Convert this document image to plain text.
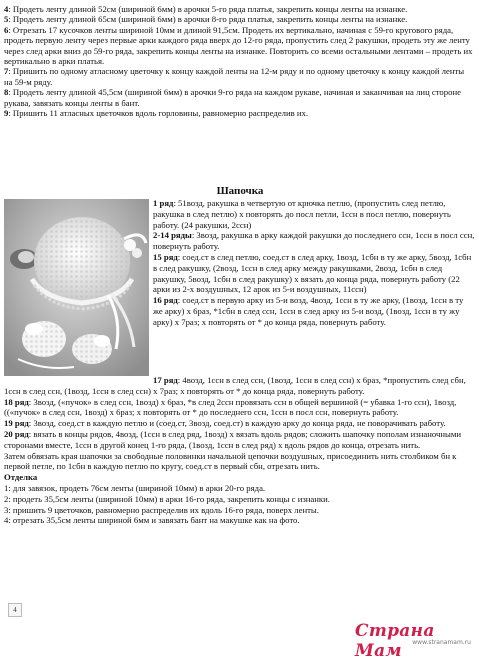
4: Продеть ленту длиной 52см (шириной 6мм) в арочки 5-го ряда платья, закрепить концы ленты на изнанке.

5: Продеть ленту длиной 65см (шириной 6мм) в арочки 8-го ряда платья, закрепить концы ленты на изнанке.

6: Отрезать 17 кусочков ленты шириной 10мм и длиной 91,5см. Продеть их вертикально, начиная с 59-го кругового ряда, продеть первую ленту через первые арки каждого ряда вверх до 12-го ряда, пропустить след 2 ракушки, продеть эту же ленту через след арки вниз до 59-го ряда, закрепить концы ленты на изнанке. Повторить со всеми остальными лентами – продеть их вертикально в арки платья.

7: Пришить по одному атласному цветочку к концу каждой ленты на 12-м ряду и по одному цветочку к концу каждой ленты на 59-м ряду.

8: Продеть ленту длиной 45,5см (шириной 6мм) в арочки 9-го ряда на каждом рукаве, начиная и заканчивая на лиц стороне рукава, завязать концы ленты в бант.

9: Пришить 11 атласных цветочков вдоль горловины, равномерно распределив их.

Шапочка

1 ряд: 51возд, ракушка в четвертую от крючка петлю, (пропустить след петлю, ракушка в след петлю) х повторять до посл петли, 1ссн в посл петлю, повернуть работу. (24 ракушки, 2ссн)

2-14 ряды: 3возд, ракушка в арку каждой ракушки до последнего ссн, 1ссн в посл ссн, повернуть работу.

15 ряд: соед.ст в след петлю, соед.ст в след арку, 1возд, 1сбн в ту же арку, 5возд, 1сбн в след ракушку, (2возд, 1ссн в след арку между ракушками, 2возд, 1сбн в след ракушку, 5возд, 1сбн в след ракушку) х вязать до конца ряда, повернуть работу (22 арки из 2-х воздушных, 12 арок из 5-и воздушных, 11ссн)

16 ряд: соед.ст в первую арку из 5-и возд, 4возд, 1ссн в ту же арку, (1возд, 1ссн в ту же арку) х 6раз, *1сбн в след ссн, 1ссн в след арку из 5-и возд, (1возд, 1ссн в ту жу арку) х 7раз; х повторять от * до конца ряда, повернуть работу.

17 ряд: 4возд, 1ссн в след ссн, (1возд, 1ссн в след ссн) х 6раз, *пропустить след сбн, 1ссн в след ссн, (1возд, 1ссн в след ссн) х 7раз; х повторять от * до конца ряда, повернуть работу.

18 ряд: 3возд, («пучок» в след ссн, 1возд) х 6раз, *в след 2ссн провязать ссн в общей вершиной (= убавка 1-го ссн), 1возд, ((«пучок» в след ссн, 1возд) х 6раз; х повторять от * до последнего ссн, 1ссн в посл ссн, повернуть работу.

19 ряд: 3возд, соед.ст в каждую петлю и (соед.ст, 3возд, соед.ст) в каждую арку до конца ряда, не поворачивать работу.

20 ряд: вязать в концы рядов, 4возд, (1ссн в след ряд, 1возд) х вязать вдоль рядов; сложить шапочку пополам изнаночными сторонами вместе, 1ссн в другой конец 1-го ряда, (1возд, 1ссн в след ряд) х вдоль рядов до конца, отрезать нить.

Затем обвязать края шапочки за свободные половинки начальной цепочки воздушных, присоединить нить столбиком бн к первой петле, по 1сбн в каждую петлю по кругу, соед.ст в первый сбн, отрезать нить.

Отделка

1: для завязок, продеть 76см ленты (шириной 10мм) в арки 20-го ряда.

2: продеть 35,5см ленты (шириной 10мм) в арки 16-го ряда, закрепить концы с изнанки.

3: пришить 9 цветочков, равномерно распределив их вдоль 16-го ряда, поверх ленты.

4: отрезать 35,5см ленты шириной 6мм и завязать бант на макушке как на фото.

4
Страна Мам	www.stranamam.ru
